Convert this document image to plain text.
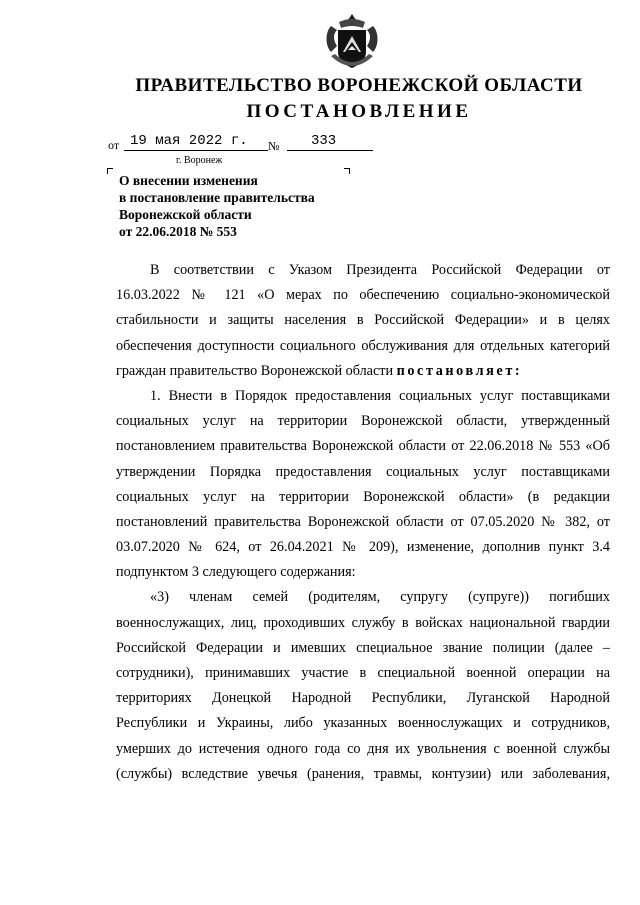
ПРАВИТЕЛЬСТВО ВОРОНЕЖСКОЙ ОБЛАСТИ
ПОСТАНОВЛЕНИЕ
от 19 мая 2022 г.	№	333
г. Воронеж
О внесении изменения
в постановление правительства
Воронежской области
от 22.06.2018 № 553
В соответствии с Указом Президента Российской Федерации от
16.03.2022 № 121 «О мерах по обеспечению социально-экономической
стабильности и защиты населения в Российской Федерации» и в целях
обеспечения доступности социального обслуживания для отдельных категорий
граждан правительство Воронежской области постановляет:
1. Внести в Порядок предоставления социальных услуг поставщиками
социальных услуг на территории Воронежской области, утвержденный
постановлением правительства Воронежской области от 22.06.2018 № 553 «Об
утверждении Порядка предоставления социальных услуг поставщиками
социальных услуг на территории Воронежской области» (в редакции
постановлений правительства Воронежской области от 07.05.2020 № 382, от
03.07.2020 № 624, от 26.04.2021 № 209), изменение, дополнив пункт 3.4
подпунктом 3 следующего содержания:
«3) членам семей (родителям, супругу (супруге)) погибших
военнослужащих, лиц, проходивших службу в войсках национальной гвардии
Российской Федерации и имевших специальное звание полиции (далее –
сотрудники), принимавших участие в специальной военной операции на
территориях Донецкой Народной Республики, Луганской Народной
Республики и Украины, либо указанных военнослужащих и сотрудников,
умерших до истечения одного года со дня их увольнения с военной службы
(службы) вследствие увечья (ранения, травмы, контузии) или заболевания,
